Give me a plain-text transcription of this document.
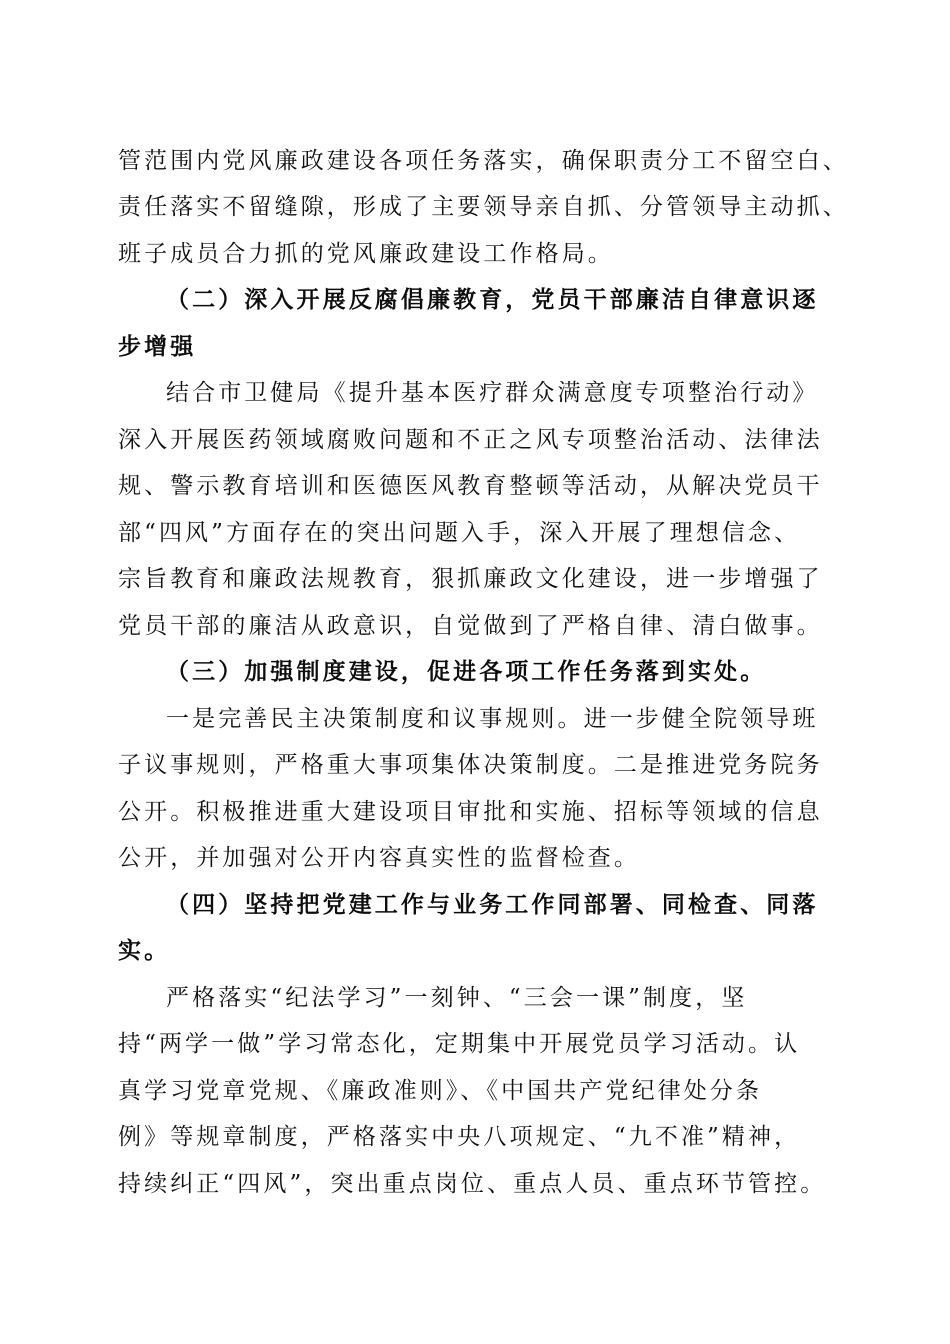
管范围内党风廉政建设各项任务落实，确保职责分工不留空白、
责任落实不留缝隙，形成了主要领导亲自抓、分管领导主动抓、
班子成员合力抓的党风廉政建设工作格局。
（二）深入开展反腐倡廉教育，党员干部廉洁自律意识逐
步增强
结合市卫健局《提升基本医疗群众满意度专项整治行动》
深入开展医药领域腐败问题和不正之风专项整治活动、法律法
规、警示教育培训和医德医风教育整顿等活动，从解决党员干
部“四风”方面存在的突出问题入手，深入开展了理想信念、
宗旨教育和廉政法规教育，狠抓廉政文化建设，进一步增强了
党员干部的廉洁从政意识，自觉做到了严格自律、清白做事。
（三）加强制度建设，促进各项工作任务落到实处。
一是完善民主决策制度和议事规则。进一步健全院领导班
子议事规则，严格重大事项集体决策制度。二是推进党务院务
公开。积极推进重大建设项目审批和实施、招标等领域的信息
公开，并加强对公开内容真实性的监督检查。
（四）坚持把党建工作与业务工作同部署、同检查、同落
实。
严格落实“纪法学习”一刻钟、“三会一课”制度，坚
持“两学一做”学习常态化，定期集中开展党员学习活动。认
真学习党章党规、《廉政准则》、《中国共产党纪律处分条
例》等规章制度，严格落实中央八项规定、“九不准”精神，
持续纠正“四风”，突出重点岗位、重点人员、重点环节管控。
